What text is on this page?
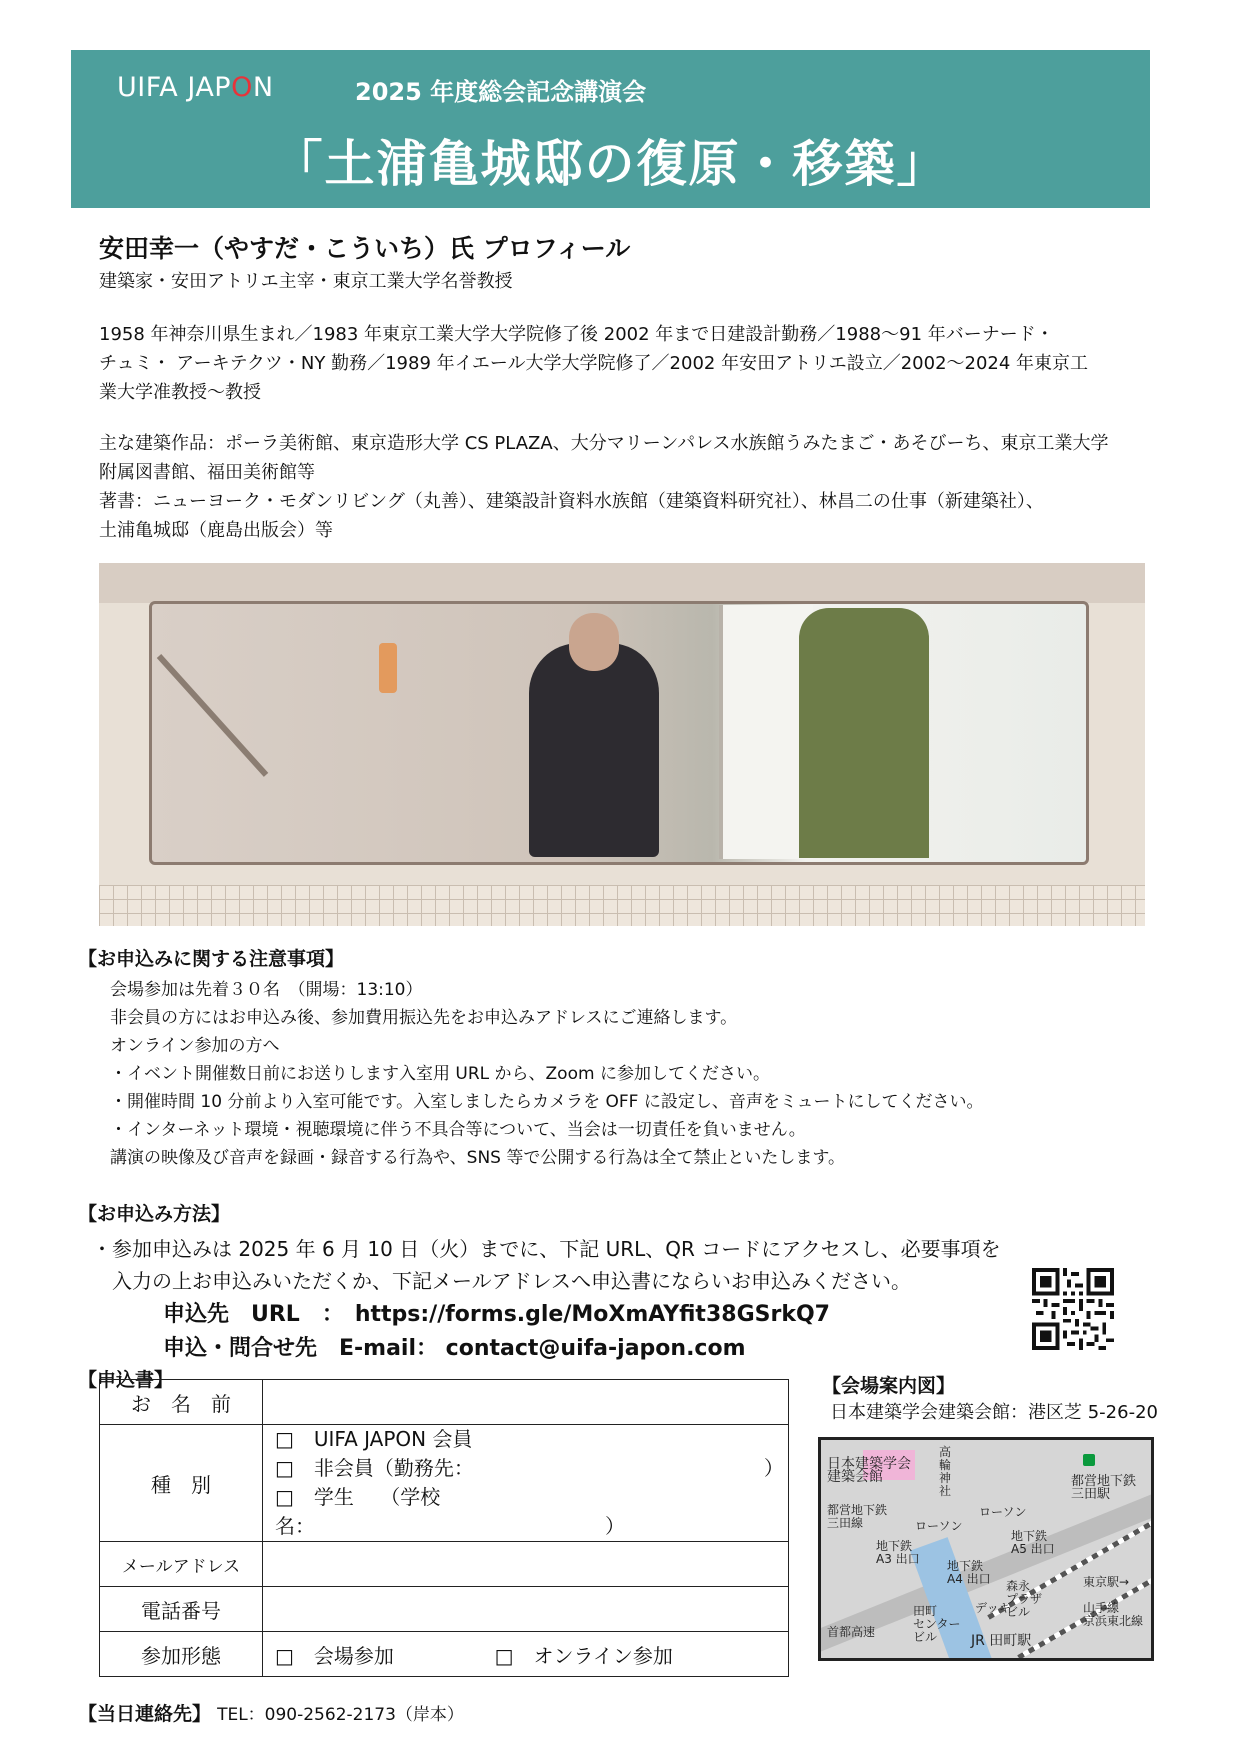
UIFA JAPON	2025 年度総会記念講演会
「土浦亀城邸の復原・移築」
安田幸一（やすだ・こういち）氏 プロフィール
建築家・安田アトリエ主宰・東京工業大学名誉教授
1958 年神奈川県生まれ／1983 年東京工業大学大学院修了後 2002 年まで日建設計勤務／1988～91 年バーナード・
チュミ・ アーキテクツ・NY 勤務／1989 年イエール大学大学院修了／2002 年安田アトリエ設立／2002～2024 年東京工
業大学准教授～教授
主な建築作品：ポーラ美術館、東京造形大学 CS PLAZA、大分マリーンパレス水族館うみたまご・あそびーち、東京工業大学
附属図書館、福田美術館等
著書：ニューヨーク・モダンリビング（丸善）、建築設計資料水族館（建築資料研究社）、林昌二の仕事（新建築社）、
土浦亀城邸（鹿島出版会）等
【お申込みに関する注意事項】
会場参加は先着３０名　（開場：13:10）
非会員の方にはお申込み後、参加費用振込先をお申込みアドレスにご連絡します。
オンライン参加の方へ
・イベント開催数日前にお送りします入室用 URL から、Zoom に参加してください。
・開催時間 10 分前より入室可能です。入室しましたらカメラを OFF に設定し、音声をミュートにしてください。
・インターネット環境・視聴環境に伴う不具合等について、当会は一切責任を負いません。
講演の映像及び音声を録画・録音する行為や、SNS 等で公開する行為は全て禁止といたします。
【お申込み方法】
・参加申込みは 2025 年 6 月 10 日（火）までに、下記 URL、QR コードにアクセスし、必要事項を
　入力の上お申込みいただくか、下記メールアドレスへ申込書にならいお申込みください。
申込先　URL　：　https://forms.gle/MoXmAYfit38GSrkQ7
申込・問合せ先　E-mail： contact@uifa-japon.com
【申込書】
お　名　前	
種　別	□　UIFA JAPON 会員
□　非会員（勤務先：　　　　　　　　　　　　　　　）
□　学生　 （学校名：　　　　　　　　　　　　　　　）

メールアドレス	
電話番号	
参加形態	□　会場参加 □　オンライン参加
【会場案内図】
日本建築学会建築会館：港区芝 5-26-20
日本建築学会
建築会館
高
輪
神
社
都営地下鉄
三田線
都営地下鉄
三田駅
ローソン
ローソン
地下鉄
A3 出口 地下鉄
A4 出口
地下鉄
A5 出口
森永
プラザ
ビル
田町
センター
ビル
デッキ
首都高速
東京駅→
山手線
京浜東北線
JR 田町駅
【当日連絡先】 TEL：090-2562-2173（岸本）
